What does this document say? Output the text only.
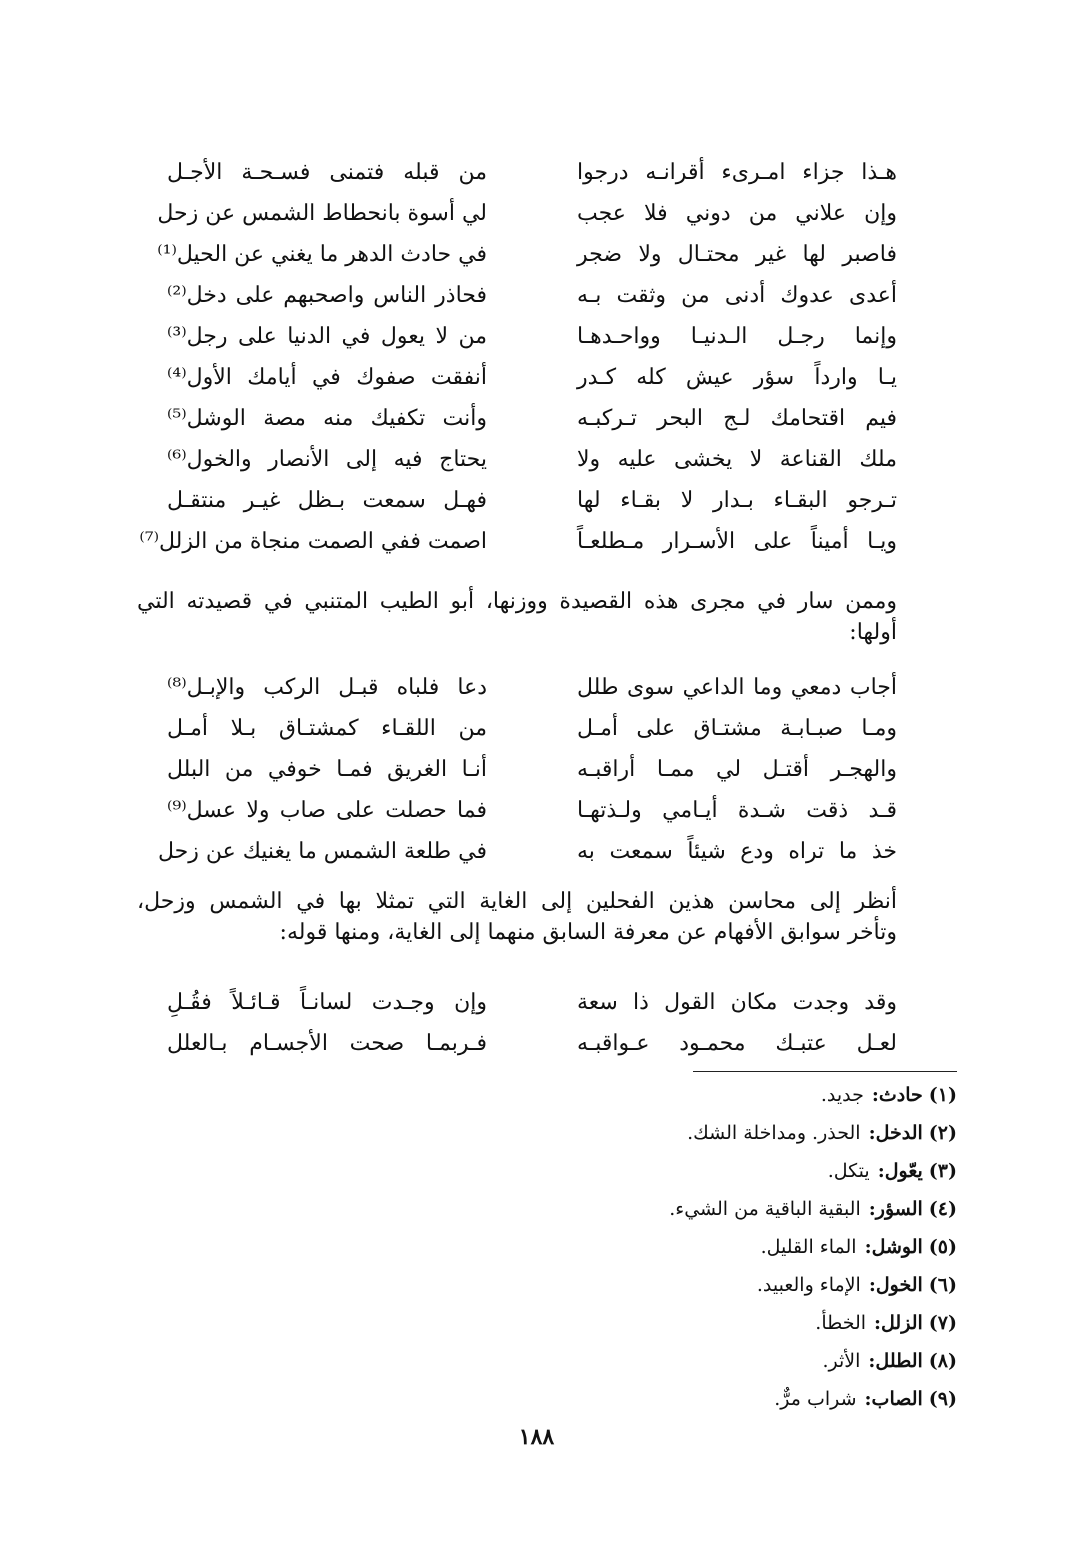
هـذا جزاء امـرىء أقرانـه درجوا
من قبله فتمنى فسـحـة الأجـل
وإن علاني من دوني فلا عجب
لي أسوة بانحطاط الشمس عن زحل
فاصبر لها غير محتـال ولا ضجر
في حادث الدهر ما يغني عن الحيل⁽¹⁾
أعدى عدوك أدنى من وثقت بـه
فحاذر الناس واصحبهم على دخل⁽²⁾
وإنما رجـل الـدنيـا وواحـدهـا
من لا يعول في الدنيا على رجل⁽³⁾
يـا وارداً سؤر عيش كله كـدر
أنفقت صفوك في أيامك الأول⁽⁴⁾
فيم اقتحامك لـج البحر تـركبـه
وأنت تكفيك منه مصة الوشل⁽⁵⁾
ملك القناعة لا يخشى عليه ولا
يحتاج فيه إلى الأنصار والخول⁽⁶⁾
تـرجو البقـاء بـدار لا بقـاء لها
فهـل سمعت بـظل غيـر منتقـل
ويـا أميناً على الأسـرار مـطلعـاً
اصمت ففي الصمت منجاة من الزلل⁽⁷⁾
وممن سار في مجرى هذه القصيدة ووزنها، أبو الطيب المتنبي في قصيدته التي
أولها:
أجاب دمعي وما الداعي سوى طلل
دعا فلباه قبـل الركب والإبـل⁽⁸⁾
ومـا صبـابـة مشتـاق على أمـل
من اللقـاء كمشتـاق بـلا أمـل
والهجـر أقتـل لي ممـا أراقبـه
أنـا الغريق فمـا خوفي من البلل
قـد ذقت شـدة أيـامي ولـذتهـا
فما حصلت على صاب ولا عسل⁽⁹⁾
خذ ما تراه ودع شيئاً سمعت به
في طلعة الشمس ما يغنيك عن زحل
أنظر إلى محاسن هذين الفحلين إلى الغاية التي تمثلا بها في الشمس وزحل،
وتأخر سوابق الأفهام عن معرفة السابق منهما إلى الغاية، ومنها قوله:
وقد وجدت مكان القول ذا سعة
وإن وجـدت لسانـاً قـائـلاً فقُـلِ
لعـل عتبـك محمـود عـواقبـه
فـربمـا صحت الأجسـام بـالعلل
(١)حادث:جديد.
(٢)الدخل:الحذر. ومداخلة الشك.
(٣)يعّول:يتكل.
(٤)السؤر:البقية الباقية من الشيء.
(٥)الوشل:الماء القليل.
(٦)الخول:الإماء والعبيد.
(٧)الزلل:الخطأ.
(٨)الطلل:الأثر.
(٩)الصاب:شراب مرٌّ.
١٨٨
